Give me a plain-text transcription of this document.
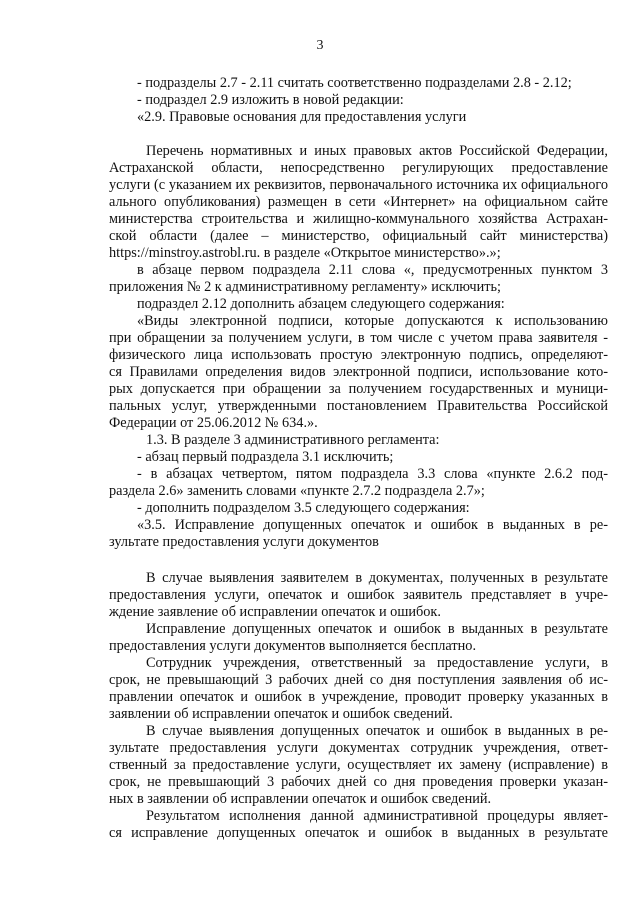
3
- подразделы 2.7 - 2.11 считать соответственно подразделами 2.8 - 2.12;
- подраздел 2.9 изложить в новой редакции:
«2.9. Правовые основания для предоставления услуги
Перечень нормативных и иных правовых актов Российской Федерации,
Астраханской области, непосредственно регулирующих предоставление
услуги (с указанием их реквизитов, первоначального источника их официального
ального опубликования) размещен в сети «Интернет» на официальном сайте
министерства строительства и жилищно-коммунального хозяйства Астрахан-
ской области (далее – министерство, официальный сайт министерства)
https://minstroy.astrobl.ru. в разделе «Открытое министерство».»;
в абзаце первом подраздела 2.11 слова «, предусмотренных пунктом 3
приложения № 2 к административному регламенту» исключить;
подраздел 2.12 дополнить абзацем следующего содержания:
«Виды электронной подписи, которые допускаются к использованию
при обращении за получением услуги, в том числе с учетом права заявителя -
физического лица использовать простую электронную подпись, определяют-
ся Правилами определения видов электронной подписи, использование кото-
рых допускается при обращении за получением государственных и муници-
пальных услуг, утвержденными постановлением Правительства Российской
Федерации от 25.06.2012 № 634.».
1.3. В разделе 3 административного регламента:
- абзац первый подраздела 3.1 исключить;
- в абзацах четвертом, пятом подраздела 3.3 слова «пункте 2.6.2 под-
раздела 2.6» заменить словами «пункте 2.7.2 подраздела 2.7»;
- дополнить подразделом 3.5 следующего содержания:
«3.5. Исправление допущенных опечаток и ошибок в выданных в ре-
зультате предоставления услуги документов
В случае выявления заявителем в документах, полученных в результате
предоставления услуги, опечаток и ошибок заявитель представляет в учре-
ждение заявление об исправлении опечаток и ошибок.
Исправление допущенных опечаток и ошибок в выданных в результате
предоставления услуги документов выполняется бесплатно.
Сотрудник учреждения, ответственный за предоставление услуги, в
срок, не превышающий 3 рабочих дней со дня поступления заявления об ис-
правлении опечаток и ошибок в учреждение, проводит проверку указанных в
заявлении об исправлении опечаток и ошибок сведений.
В случае выявления допущенных опечаток и ошибок в выданных в ре-
зультате предоставления услуги документах сотрудник учреждения, ответ-
ственный за предоставление услуги, осуществляет их замену (исправление) в
срок, не превышающий 3 рабочих дней со дня проведения проверки указан-
ных в заявлении об исправлении опечаток и ошибок сведений.
Результатом исполнения данной административной процедуры являет-
ся исправление допущенных опечаток и ошибок в выданных в результате
